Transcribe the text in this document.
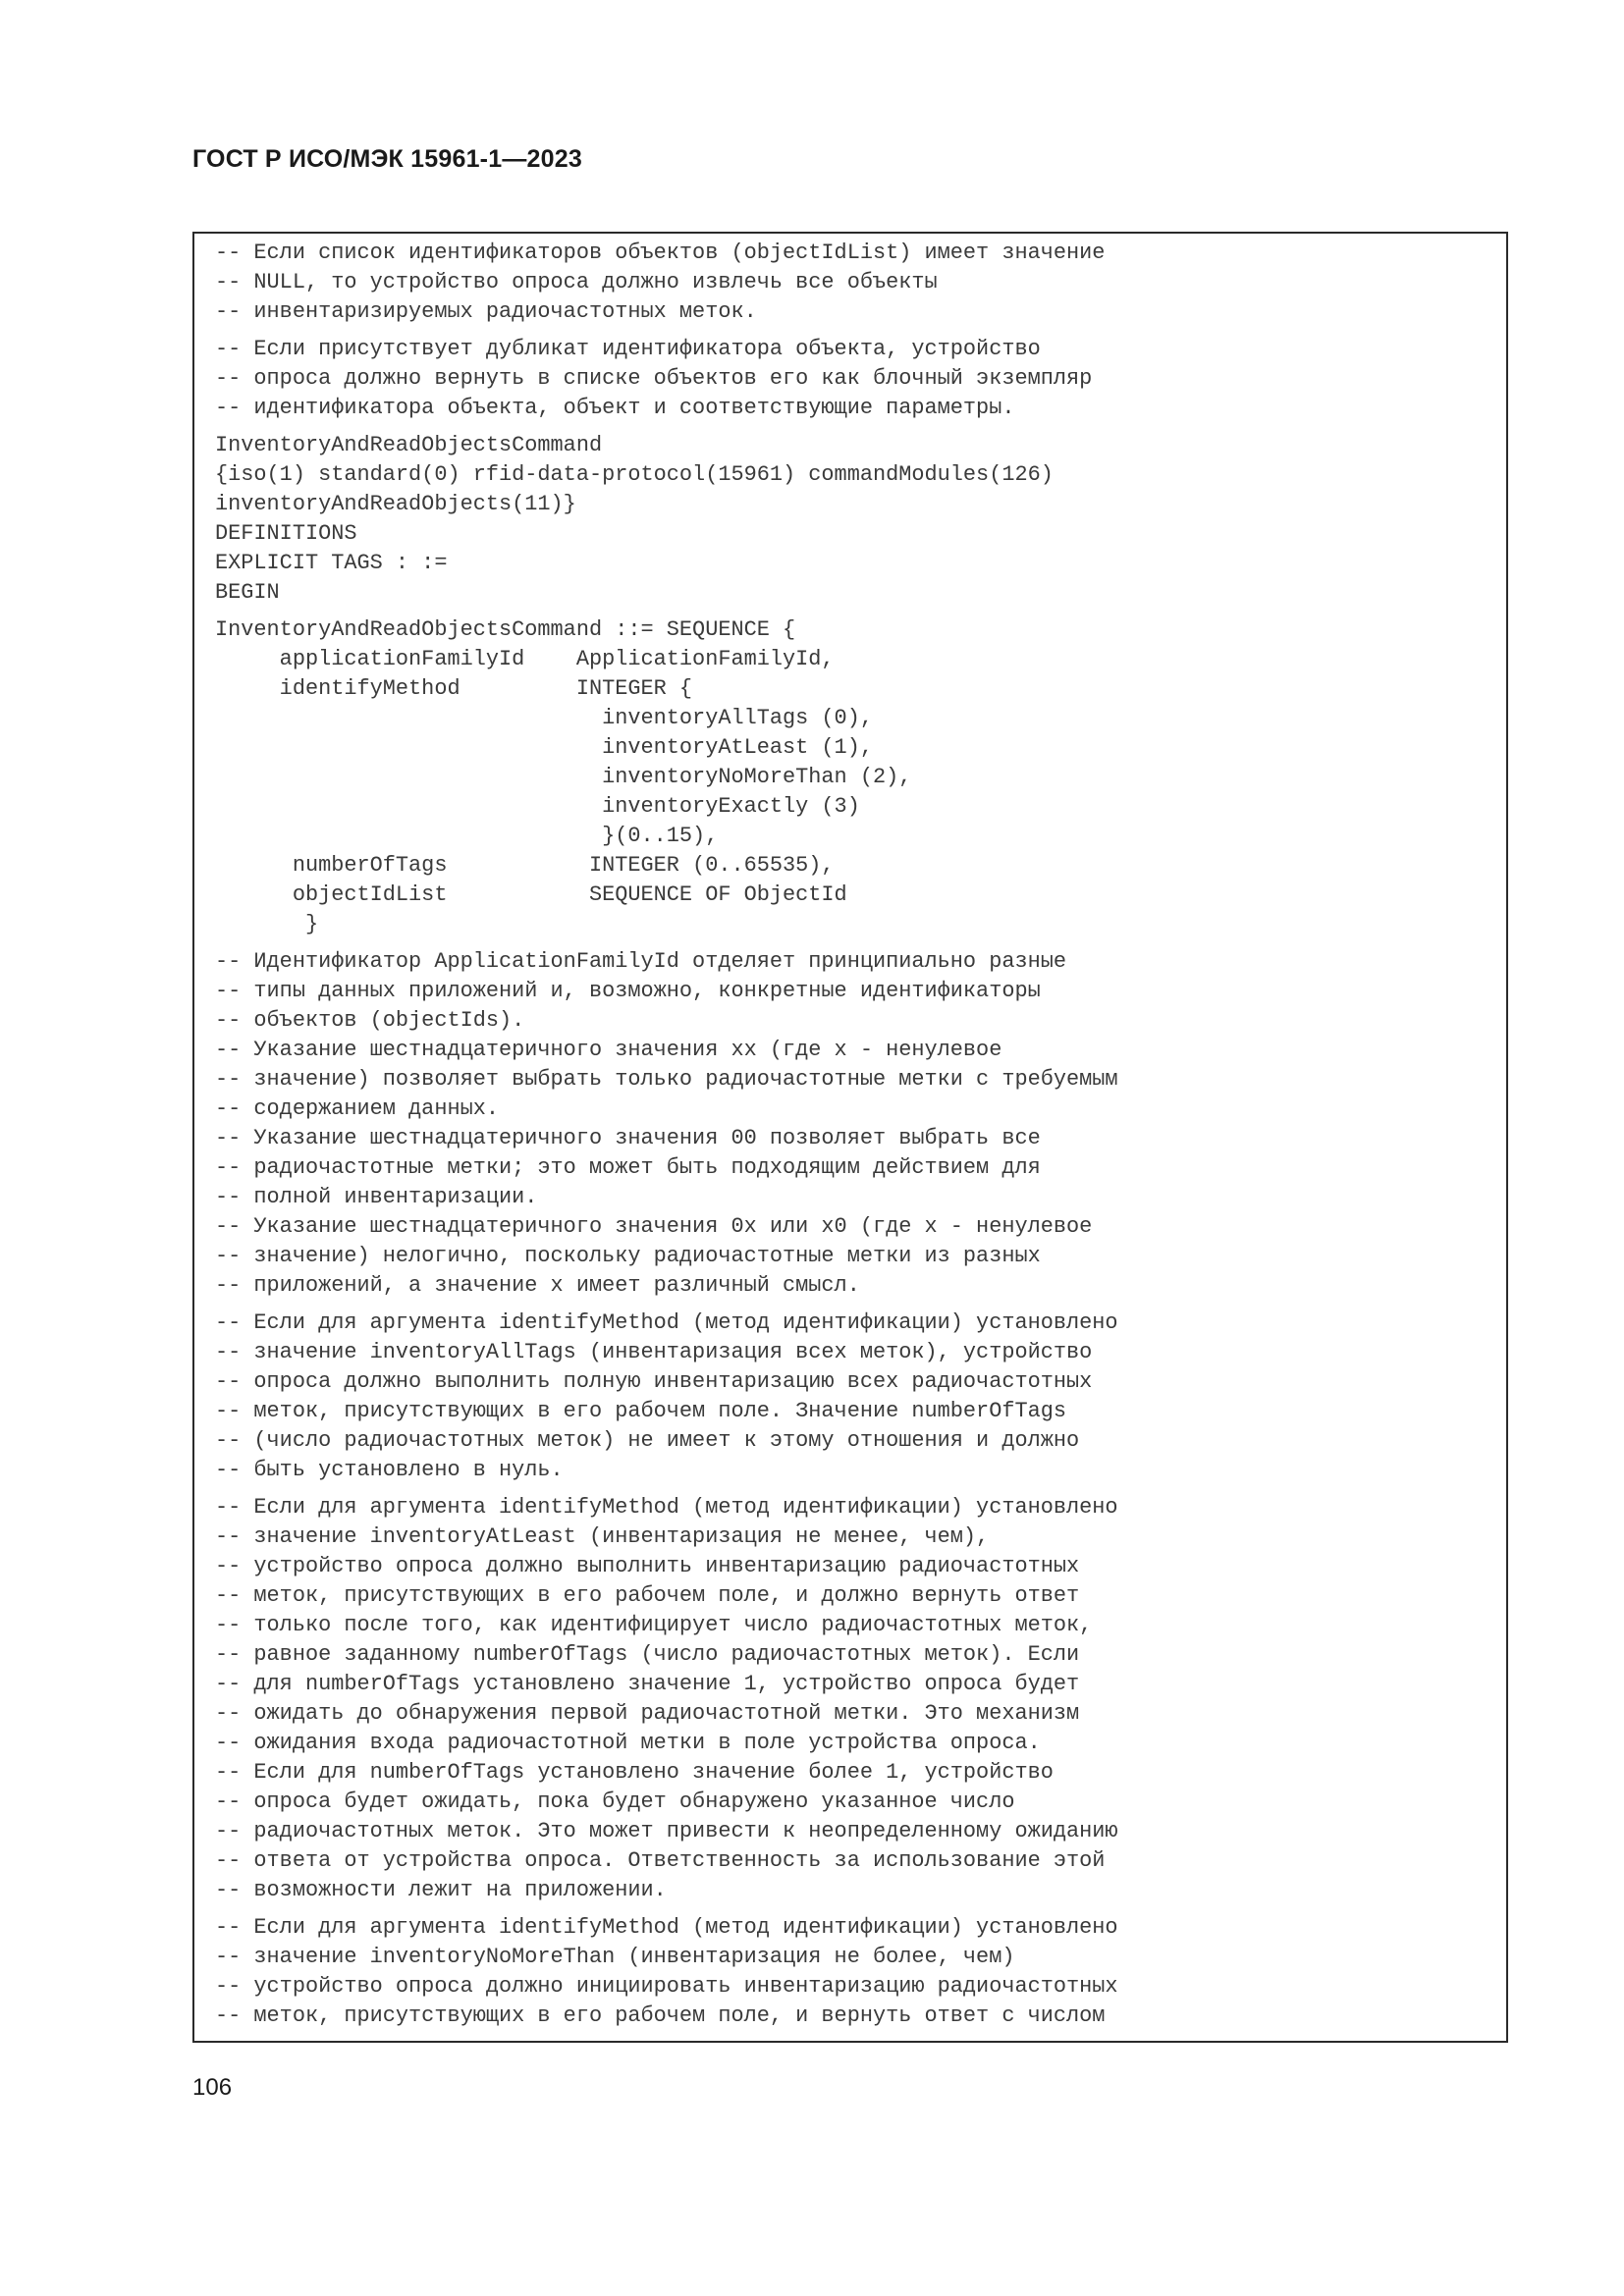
ГОСТ Р ИСО/МЭК 15961-1—2023
-- Если список идентификаторов объектов (objectIdList) имеет значение
-- NULL, то устройство опроса должно извлечь все объекты
-- инвентаризируемых радиочастотных меток.
-- Если присутствует дубликат идентификатора объекта, устройство
-- опроса должно вернуть в списке объектов его как блочный экземпляр
-- идентификатора объекта, объект и соответствующие параметры.
InventoryAndReadObjectsCommand
{iso(1) standard(0) rfid-data-protocol(15961) commandModules(126)
inventoryAndReadObjects(11)}
DEFINITIONS
EXPLICIT TAGS : :=
BEGIN
InventoryAndReadObjectsCommand ::= SEQUENCE {
applicationFamilyId    ApplicationFamilyId,
identifyMethod         INTEGER {
inventoryAllTags (0),
inventoryAtLeast (1),
inventoryNoMoreThan (2),
inventoryExactly (3)
}(0..15),
numberOfTags           INTEGER (0..65535),
objectIdList           SEQUENCE OF ObjectId
}
-- Идентификатор ApplicationFamilyId отделяет принципиально разные
-- типы данных приложений и, возможно, конкретные идентификаторы
-- объектов (objectIds).
-- Указание шестнадцатеричного значения xx (где x - ненулевое
-- значение) позволяет выбрать только радиочастотные метки с требуемым
-- содержанием данных.
-- Указание шестнадцатеричного значения 00 позволяет выбрать все
-- радиочастотные метки; это может быть подходящим действием для
-- полной инвентаризации.
-- Указание шестнадцатеричного значения 0x или x0 (где x - ненулевое
-- значение) нелогично, поскольку радиочастотные метки из разных
-- приложений, а значение x имеет различный смысл.
-- Если для аргумента identifyMethod (метод идентификации) установлено
-- значение inventoryAllTags (инвентаризация всех меток), устройство
-- опроса должно выполнить полную инвентаризацию всех радиочастотных
-- меток, присутствующих в его рабочем поле. Значение numberOfTags
-- (число радиочастотных меток) не имеет к этому отношения и должно
-- быть установлено в нуль.
-- Если для аргумента identifyMethod (метод идентификации) установлено
-- значение inventoryAtLeast (инвентаризация не менее, чем),
-- устройство опроса должно выполнить инвентаризацию радиочастотных
-- меток, присутствующих в его рабочем поле, и должно вернуть ответ
-- только после того, как идентифицирует число радиочастотных меток,
-- равное заданному numberOfTags (число радиочастотных меток). Если
-- для numberOfTags установлено значение 1, устройство опроса будет
-- ожидать до обнаружения первой радиочастотной метки. Это механизм
-- ожидания входа радиочастотной метки в поле устройства опроса.
-- Если для numberOfTags установлено значение более 1, устройство
-- опроса будет ожидать, пока будет обнаружено указанное число
-- радиочастотных меток. Это может привести к неопределенному ожиданию
-- ответа от устройства опроса. Ответственность за использование этой
-- возможности лежит на приложении.
-- Если для аргумента identifyMethod (метод идентификации) установлено
-- значение inventoryNoMoreThan (инвентаризация не более, чем)
-- устройство опроса должно инициировать инвентаризацию радиочастотных
-- меток, присутствующих в его рабочем поле, и вернуть ответ с числом

106
